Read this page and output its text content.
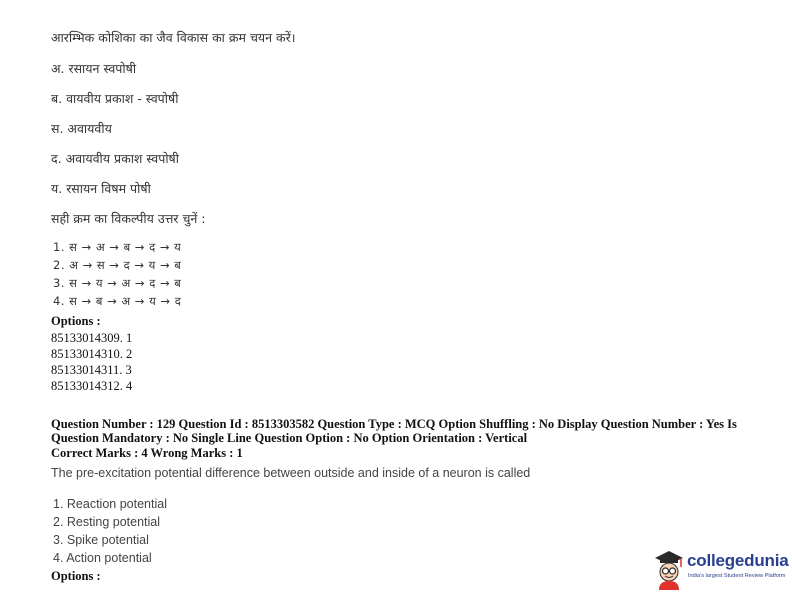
आरम्भिक कोशिका का जैव विकास का क्रम चयन करें।
अ. रसायन स्वपोषी
ब. वायवीय प्रकाश - स्वपोषी
स. अवायवीय
द. अवायवीय प्रकाश स्वपोषी
य. रसायन विषम पोषी
सही क्रम का विकल्पीय उत्तर चुनें :
1. स → अ → ब → द → य
2. अ → स → द → य → ब
3. स → य → अ → द → ब
4. स → ब → अ → य → द
Options :
85133014309. 1
85133014310. 2
85133014311. 3
85133014312. 4
Question Number : 129 Question Id : 8513303582 Question Type : MCQ Option Shuffling : No Display Question Number : Yes Is
Question Mandatory : No Single Line Question Option : No Option Orientation : Vertical
Correct Marks : 4 Wrong Marks : 1
The pre-excitation potential difference between outside and inside of a neuron is called
1. Reaction potential
2. Resting potential
3. Spike potential
4. Action potential
Options :
collegedunia
India's largest Student Review Platform
